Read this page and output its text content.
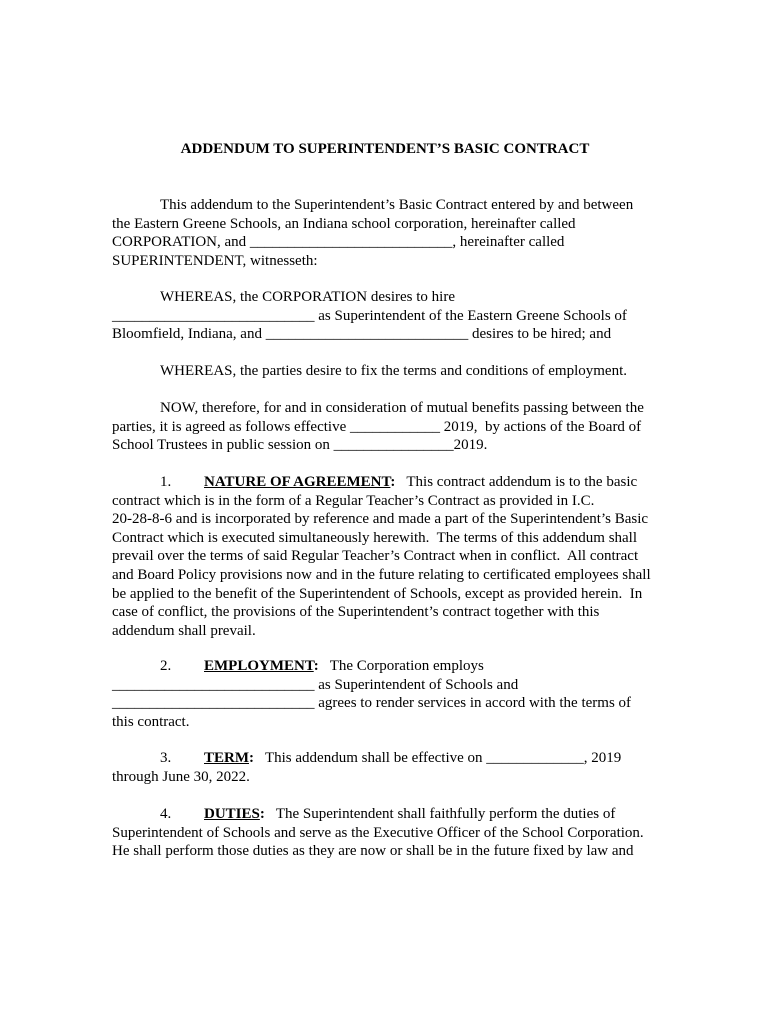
ADDENDUM TO SUPERINTENDENT’S BASIC CONTRACT
This addendum to the Superintendent’s Basic Contract entered by and between
the Eastern Greene Schools, an Indiana school corporation, hereinafter called
CORPORATION, and ___________________________, hereinafter called
SUPERINTENDENT, witnesseth:
WHEREAS, the CORPORATION desires to hire
___________________________ as Superintendent of the Eastern Greene Schools of
Bloomfield, Indiana, and ___________________________ desires to be hired; and
WHEREAS, the parties desire to fix the terms and conditions of employment.
NOW, therefore, for and in consideration of mutual benefits passing between the
parties, it is agreed as follows effective ____________ 2019,  by actions of the Board of
School Trustees in public session on ________________2019.
1. NATURE OF AGREEMENT:   This contract addendum is to the basic
contract which is in the form of a Regular Teacher’s Contract as provided in I.C.
20-28-8-6 and is incorporated by reference and made a part of the Superintendent’s Basic
Contract which is executed simultaneously herewith.  The terms of this addendum shall
prevail over the terms of said Regular Teacher’s Contract when in conflict.  All contract
and Board Policy provisions now and in the future relating to certificated employees shall
be applied to the benefit of the Superintendent of Schools, except as provided herein.  In
case of conflict, the provisions of the Superintendent’s contract together with this
addendum shall prevail.
2. EMPLOYMENT:   The Corporation employs
___________________________ as Superintendent of Schools and
___________________________ agrees to render services in accord with the terms of
this contract.
3. TERM:   This addendum shall be effective on _____________, 2019
through June 30, 2022.
4. DUTIES:   The Superintendent shall faithfully perform the duties of
Superintendent of Schools and serve as the Executive Officer of the School Corporation.
He shall perform those duties as they are now or shall be in the future fixed by law and
